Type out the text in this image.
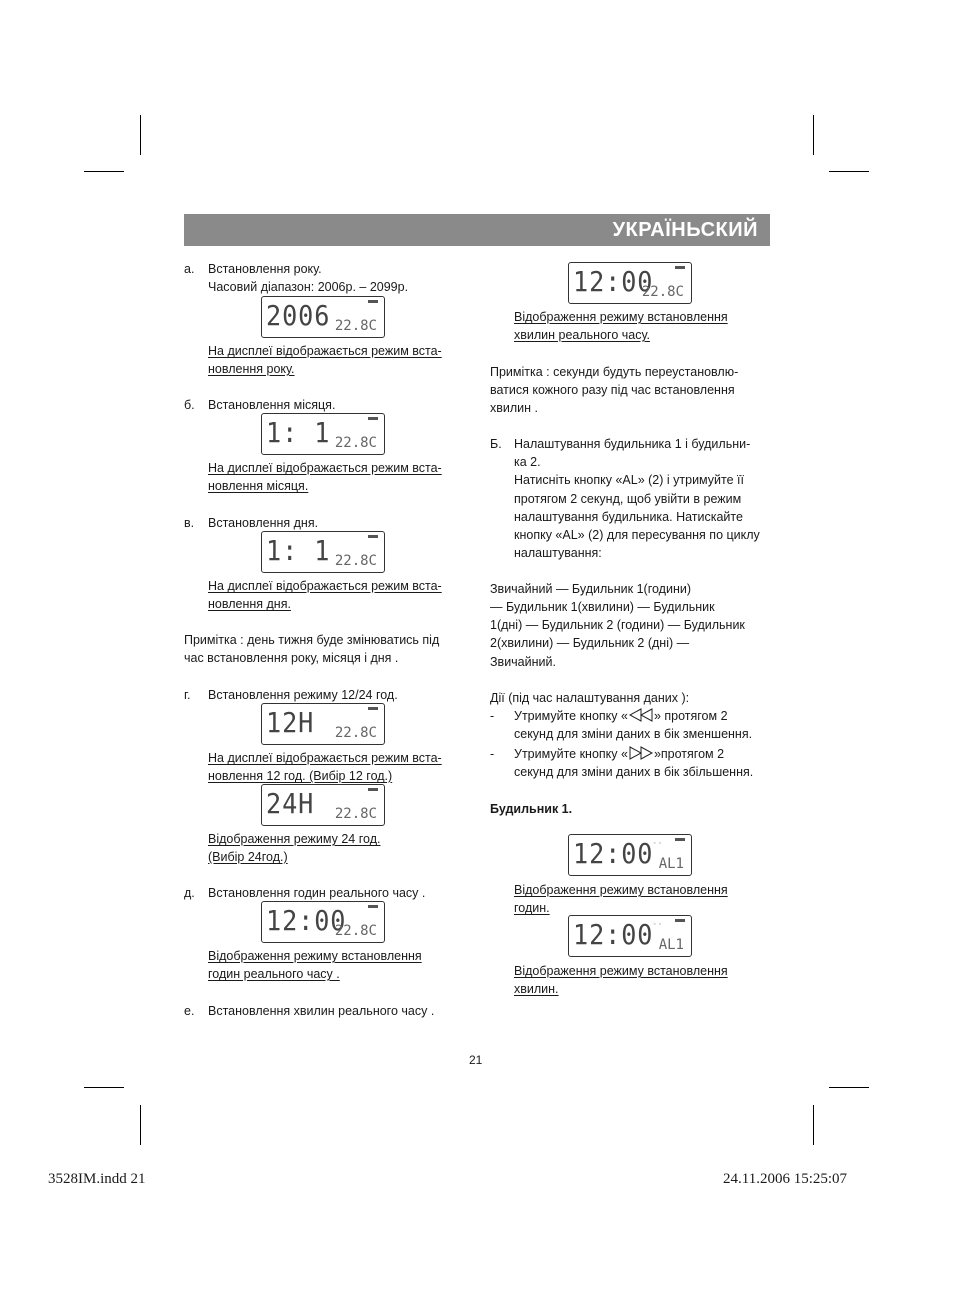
УКРАЇНЬСКИЙ
а. Встановлення року.
Часовий діапазон: 2006р. – 2099р.
2006 22.8C
На дисплеї відображається режим вста-
новлення року.
б. Встановлення місяця.
1: 1 22.8C
На дисплеї відображається режим вста-
новлення місяця.
в. Встановлення дня.
1: 1 22.8C
На дисплеї відображається режим вста-
новлення дня.
Примітка : день тижня буде змінюватись під
час встановлення року, місяця і дня .
г. Встановлення режиму 12/24 год.
12H 22.8C
На дисплеї відображається режим вста-
новлення 12 год. (Вибір 12 год.)
24H 22.8C
Відображення режиму 24 год.
(Вибір 24год.)
д. Встановлення годин реального часу .
12:00
22.8C
Відображення режиму встановлення
годин реального часу .
е. Встановлення хвилин реального часу .
12:00
22.8C
Відображення режиму встановлення
хвилин реального часу.
Примітка : секунди будуть переустановлю-
ватися кожного разу під час встановлення
хвилин .
Б. Налаштування будильника 1 і будильни-
ка 2.
Натисніть кнопку «AL» (2) і утримуйте її
протягом 2 секунд, щоб увійти в режим
налаштування будильника. Натискайте
кнопку «AL» (2) для пересування по циклу
налаштування:
Звичайний — Будильник 1(години)
— Будильник 1(хвилини) — Будильник
1(дні) — Будильник 2 (години) — Будильник
2(хвилини) — Будильник 2 (дні) —
Звичайний.
Дії (під час налаштування даних ):
- Утримуйте кнопку « » протягом 2
секунд для зміни даних в бік зменшення.
- Утримуйте кнопку « »протягом 2
секунд для зміни даних в бік збільшення.
Будильник 1.
◦ ◦
12:00 AL1
Відображення режиму встановлення
годин.
◦ ◦
12:00 AL1
Відображення режиму встановлення
хвилин.
21
3528IM.indd 21	24.11.2006 15:25:07
